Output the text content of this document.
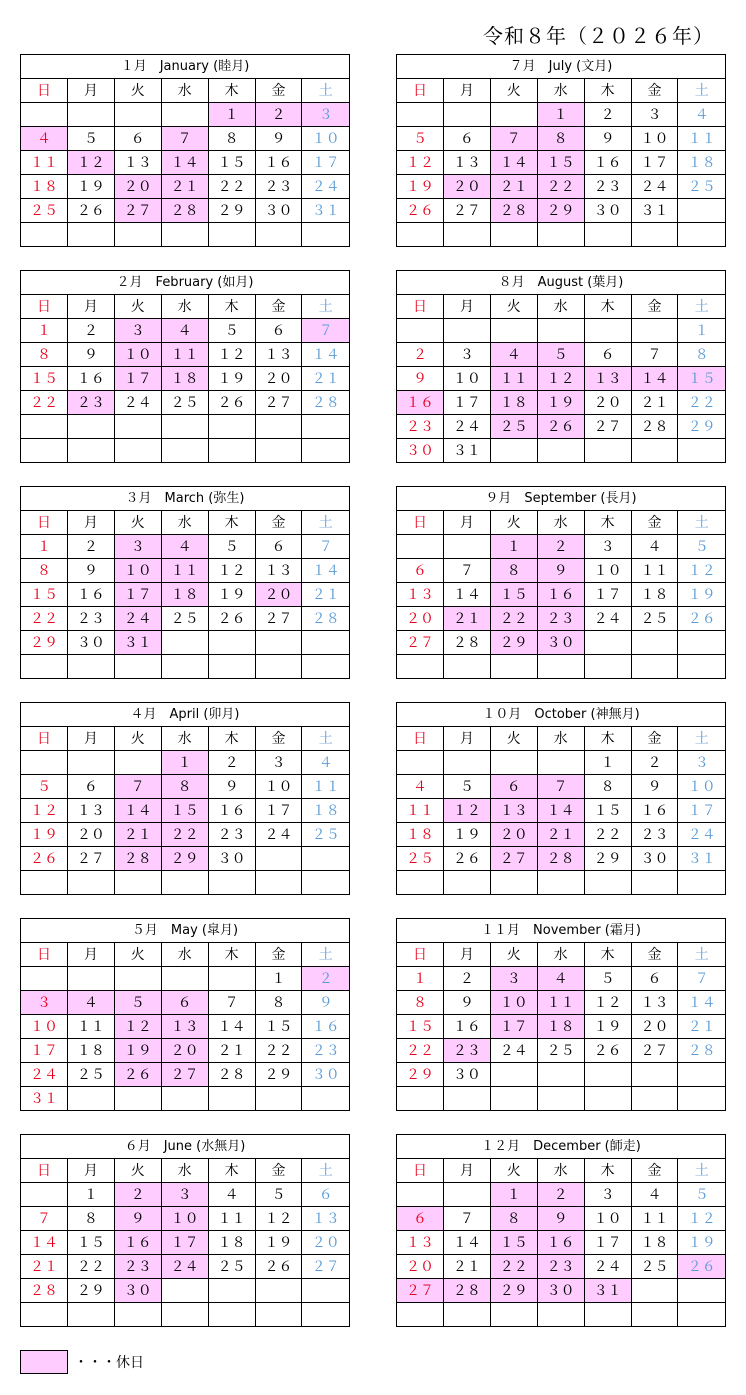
令和８年（２０２６年）
１月　January (睦月)						
日	月	火	水	木	金	土
				１	２	３
４	５	６	７	８	９	１０
１１	１２	１３	１４	１５	１６	１７
１８	１９	２０	２１	２２	２３	２４
２５	２６	２７	２８	２９	３０	３１

２月　February (如月)						
日	月	火	水	木	金	土
１	２	３	４	５	６	７
８	９	１０	１１	１２	１３	１４
１５	１６	１７	１８	１９	２０	２１
２２	２３	２４	２５	２６	２７	２８

３月　March (弥生)						
日	月	火	水	木	金	土
１	２	３	４	５	６	７
８	９	１０	１１	１２	１３	１４
１５	１６	１７	１８	１９	２０	２１
２２	２３	２４	２５	２６	２７	２８
２９	３０	３１				

４月　April (卯月)						
日	月	火	水	木	金	土
			１	２	３	４
５	６	７	８	９	１０	１１
１２	１３	１４	１５	１６	１７	１８
１９	２０	２１	２２	２３	２４	２５
２６	２７	２８	２９	３０		

５月　May (皐月)						
日	月	火	水	木	金	土
					１	２
３	４	５	６	７	８	９
１０	１１	１２	１３	１４	１５	１６
１７	１８	１９	２０	２１	２２	２３
２４	２５	２６	２７	２８	２９	３０
３１						
６月　June (水無月)						
日	月	火	水	木	金	土
	１	２	３	４	５	６
７	８	９	１０	１１	１２	１３
１４	１５	１６	１７	１８	１９	２０
２１	２２	２３	２４	２５	２６	２７
２８	２９	３０				

７月　July (文月)						
日	月	火	水	木	金	土
			１	２	３	４
５	６	７	８	９	１０	１１
１２	１３	１４	１５	１６	１７	１８
１９	２０	２１	２２	２３	２４	２５
２６	２７	２８	２９	３０	３１	

８月　August (葉月)						
日	月	火	水	木	金	土
						１
２	３	４	５	６	７	８
９	１０	１１	１２	１３	１４	１５
１６	１７	１８	１９	２０	２１	２２
２３	２４	２５	２６	２７	２８	２９
３０	３１					
９月　September (長月)						
日	月	火	水	木	金	土
		１	２	３	４	５
６	７	８	９	１０	１１	１２
１３	１４	１５	１６	１７	１８	１９
２０	２１	２２	２３	２４	２５	２６
２７	２８	２９	３０			

１０月　October (神無月)						
日	月	火	水	木	金	土
				１	２	３
４	５	６	７	８	９	１０
１１	１２	１３	１４	１５	１６	１７
１８	１９	２０	２１	２２	２３	２４
２５	２６	２７	２８	２９	３０	３１

１１月　November (霜月)						
日	月	火	水	木	金	土
１	２	３	４	５	６	７
８	９	１０	１１	１２	１３	１４
１５	１６	１７	１８	１９	２０	２１
２２	２３	２４	２５	２６	２７	２８
２９	３０					

１２月　December (師走)						
日	月	火	水	木	金	土
		１	２	３	４	５
６	７	８	９	１０	１１	１２
１３	１４	１５	１６	１７	１８	１９
２０	２１	２２	２３	２４	２５	２６
２７	２８	２９	３０	３１		

・・・休日
